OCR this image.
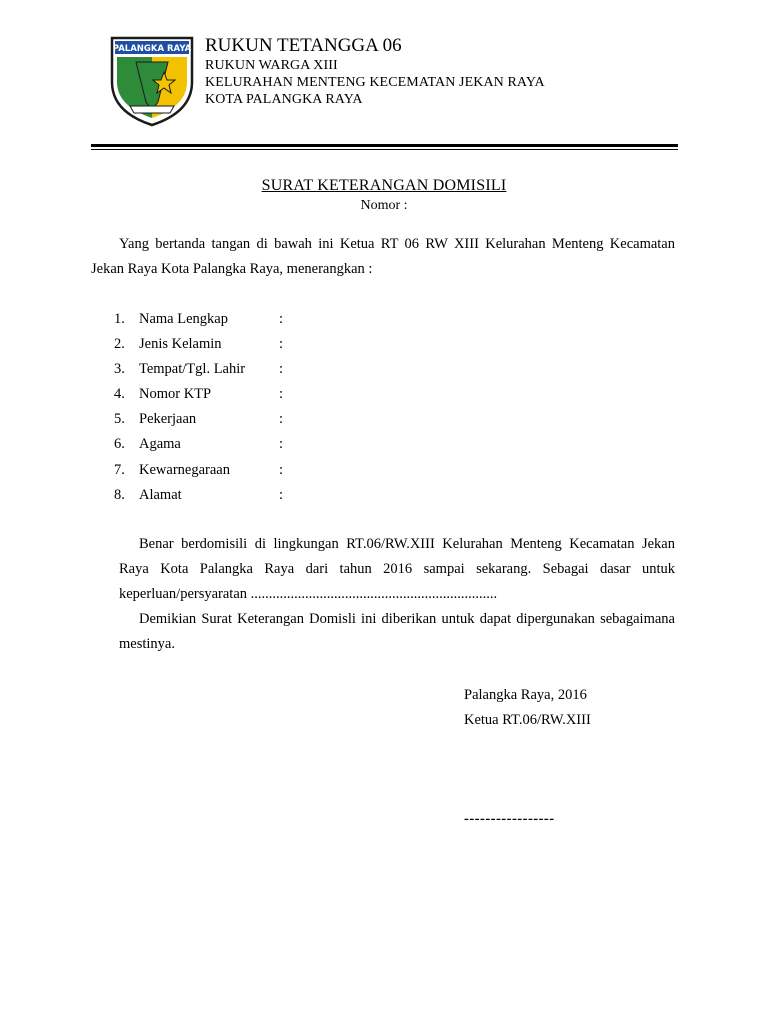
PALANGKA RAYA RUKUN TETANGGA 06
RUKUN WARGA XIII
KELURAHAN MENTENG KECEMATAN JEKAN RAYA
KOTA PALANGKA RAYA
SURAT KETERANGAN DOMISILI
Nomor :
Yang bertanda tangan di bawah ini Ketua RT 06 RW XIII Kelurahan Menteng Kecamatan Jekan Raya Kota Palangka Raya, menerangkan :
1. Nama Lengkap	:
2. Jenis Kelamin	:
3. Tempat/Tgl. Lahir :
4. Nomor KTP	:
5. Pekerjaan	:
6. Agama	:
7. Kewarnegaraan	:
8. Alamat	:
Benar berdomisili di lingkungan RT.06/RW.XIII Kelurahan Menteng Kecamatan Jekan Raya Kota Palangka Raya dari tahun 2016 sampai sekarang. Sebagai dasar untuk keperluan/persyaratan ....................................................................
Demikian Surat Keterangan Domisli ini diberikan untuk dapat dipergunakan sebagaimana mestinya.
Palangka Raya, 2016
Ketua RT.06/RW.XIII
-----------------
